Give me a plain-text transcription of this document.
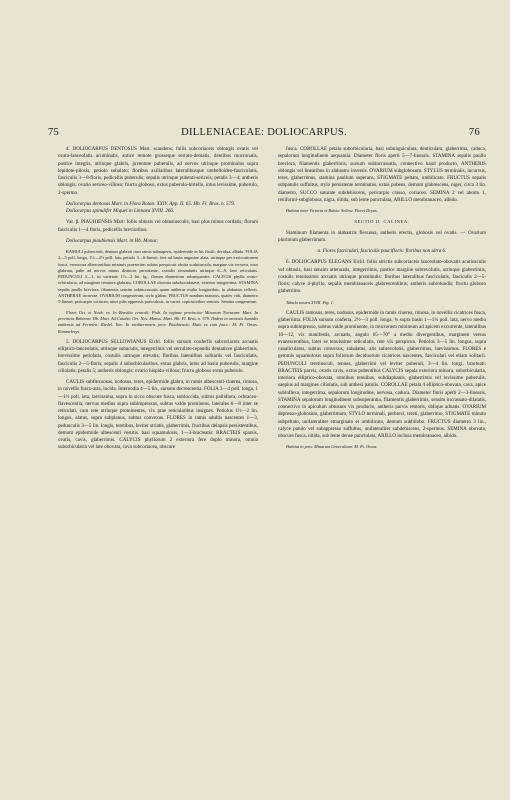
75	DILLENIACEAE: DOLIOCARPUS.	76

4. DOLIOCARPUS DENTOSUS Mart. scandens; foliis subcoriaceis oblongis ovatis vel ovato-lanceolatis acuminatis, antice remote grosseque serrato-dentatis, dentibus mucronatis, postice integris, utrinque glabris, juventute puberulis, ad nervos utrinque prominulos supra lepidote-pilosis, petiolo subalato; floribus axillaribus lateralibusque umbelloideo-fasciculatis, fasciculis 3—8-floris, pedicellis puberulis; sepalis utrinque pubenti-sericeis; petalis 3—4; antheris oblongis; ovario sericeo-villoso; fructu globoso, extus puberulo-hirtello, intus levissime, puberulo, 2-spermo.

Doliocarpus dentosus Mart. in Flora Botan. XXIV. App. II. 65. Hb. Fl. Bras. n. 579.

Doliocarpus spinulifer Miquel in Linnaea XVIII. 266.

Var. β. PIAUHIENSIS Mart: foliis obtusis vel obtusiusculis, basi plus minus cordatis; florum fasciculis 1—4 floris, pedicellis brevioribus.

Doliocarpus piauhiensis Mart. in Hb. Monac.

RAMULI pubescenti, demum glabrati cum ramis subnuperis, epidermide in his fissili, decidua, albida. FOLIA 2—5 poll. longa, 1½—2½ poll. lata, petiolo 3—6-lineari, fere ad basin angustae alata, utrinque per exsiccationem fusca, verrucosa albescentibus minimis praesertim subtus perspicuis obsita scabriuscula, margine vix recurva, mox glabrata, pube ad nervos minus distincte persistente, costulis secundariis utrinque 6—9, laxe reticulatis. PEDUNCULI 3—1, in varietate 1½—2 lin. lg., florum diametrum subaequantes. CALYCIS phylla ovato-orbicularia, ad margines tenuiora glabrata, COROLLAE obovata subobcordatave, exterius integerrima. STAMINA sepalis paullo breviora, filamentis sensim subincrassatis quam antherae multo longioribus, in alabastro reflexis. ANTHERAE incurvae. OVARIUM congesterum, stylo glabro. FRUCTUS nondum maturus, quales vidi, diametro 5-lineari, pericarpio coriaceo, intus pilis appressis puriculosis, in variet. copiosioribus venosis. Semina congenerum.

Floret Oct. et Novb. ex. In Brasilia centrali: Piah. In regione provinciae Minarum Novarum: Mart. In provincia Bahiensi. Hb. Mart. Ad Cuiabá: Ort. Nov. Manso. Mart. Hb. Fl. Bras. n. 579. Ibidem in arenosis humidis umbrosis ad Ferreira: Riedel. Var.: In mediterraneis prov. Piauhiensis: Maio ex cum fruct.: M. Pt. Orcas. Rommelreys.

5. DOLIOCARPUS SELLOWIANUS Eichl. foliis sursum conferfis subcoriaceis arcuatis elliptico-lanceolatis, utrinque subacutis, integerrimis vel serrulato-repandis dentatisve glaberrimis, brevissime petiolatis, costulis utrinque elevatis; floribus lateralibus solitariis vel fasciculatis, fasciculis 2—5-floris; sepalis 4 suborbicularibus, extus glabris, intus ad basin puberulis, margine ciliolatis; petalis 5; antheris oblongis; ovario hispido-villoso; fructu globoso extus puberulo.

CAULIS subflexuosus, nodosus, teres, epidermide glabra, in ramis albescenti-cinerea, rimosa, in novellis fusco-atra, lucida. Internodia 4—5 lin., sursum decrescentia. FOLIA 3—4 poll. longa, 1—1½ poll. lata, laevissima, supra in sicco obscure fusca, subluccida, subtus pallidiora, ochraceo-flavescentia; nervus medius supra subimpressus, subtus valde prominens, laterales 6—8 inter se reticulati, cum rete utrinque prominentes, vix prae reticularibus insignes. Petiolus 1½—2 lin. longus, alatus, supra subplanus, subtus convexus. FLORES in ramis adultis nascentes 1—3, pedunculis 3—5 lin. longis, teretibus, leviter striatis, glaberrimis, fructibus delapsis persistentibus, demum epidermide albescenti vestitis. basi squamulosis, 1—3-bracteatis: BRACTEIS sparsis, ovatis, cavis, glaberrimis. CALYCIS phyllorum 2 exteriora fere duplo minora, omnia suborbicularia vel late obovata, cava subcoriacea, obscure

fusca. COROLLAE petala suborbicularia, basi subunguiculata, denticulata, glaberrima, caduca, sepalorum longitudinem aequantia. Diameter floris aperti 5—7-linearis. STAMINA sepalis paullo breviora, filamentis glaberrimis, sursum subincrassatis, connectivo haud producto, ANTHERIS oblongis vel linearibus in alabastro inversis. OVARIUM subglobosum. STYLUS terminalis, incurvus, teres, glaberrimus, stamina paullum superans, STIGMATE peltato, umbilicato. FRUCTUS sepalis subpatulis suffultus, stylo persistente terminatus, extus pubens, demum glabrescens, niger, circa 3 lin. diametro, SUCCO saturate subdehiscens, pericarpio crasso, coriaceo. SEMINA 2 vel abortu 1, reniformi-subglobosa, nigra, nitida, sub lente punctulata, ARILLO membranaceo, albido.

Habitat inter Victoria et Bahia: Sellow. Floret Dryas.

SECTIO II. CALINEA.

Staminum filamenta in alabastris flexuosa, antheris erectis, globosis vel ovatis. — Ovarium plurimum glaberrimum.

a. Flores fasciculati, fasciculis paucifloris: floribus non ultra 6.

6. DOLIOCARPUS ELEGANS Eichl. foliis strictis subcoriaceis lanceolato-obovatis acutiusculis vel obtusis, basi sensim attenuatis, integerrimis, postice margine subrevolutis, utrinque glaberrimis, costulis tenuissimis arcuatis utrinque prominulis: floribus lateralibus fasciculatis, fasciculis 2—5-floris; calyce 4-phyllo, sepalis membranaceis glabrescentibus; antheris subrotundis; fructu globoso glaberrimo.

Tabula nostra XVIII. Fig. 1.

CAULIS ramosus, teres, nodosus, epidermide in ramis cinerea, rimosa, in novellis cicatrices fusca, glaberrima. FOLIA sursum conferta, 2½—3 poll. longa, ¾ supra basin 1—1¼ poll. lata, nervo medio supra subimpresso, subtus valde prominente, in mucronem minimum ad apicem excurrente, lateralibus 10—12, vix manifestis, arcuatis, angulo 65—70° a medio divergentibus, marginem versus evanescentibus, inter se tenuissime reticulatis, rete vix perspicuo. Petiolus 3—5 lin. longus, supra canaliculatus, subtus convexus, subalatus, alis subrevolutis, glaberrimus, laevissimus. FLORES e gemmis squamulosis supra foliorum deciduorum cicatrices nascentes, fasciculati vel etiam solitarii. PEDUNCULI teretiusculi, tenues, glaberrimi vel leviter puberuli, 3—4 lin. longi, bracteati: BRACTEIS parvis, ovatis cavis, extus pubentibus CALYCIS sepala exteriora minora, suborbicularia, interiora elliptico-obovata, omnibus tenuibus, subdiaphanis, glaberrimis vel levissime puberulis, saepius ad margines ciliolatis, sub anthesi patulis. COROLLAE petala 4 elliptico-obovata, cava, apice subinflexa, integerrima, sepalorum longitudine, nervosa, caduca. Diameter floris aperti 2—3-linearis. STAMINA sepalorum longitudinem subsuperantia, filamentis glaberrimis, sensim incrassato-dilatatis, connectivo in apiculum obtusum vix producto, antheris parvis remotis, oblique adnatis. OVARIUM depresso-globosum, glaberrimum, STYLO terminali, perbrevi, tereti, glaberrimo, STIGMATE minuto subpeltato, unilateraliter emarginato et umbilicato, demum subbilobo. FRUCTUS diametro 3 lin., calyce patulo vel subappresso suffultus, unilateraliter subdehiscens, 2-spermus. SEMINA obovata, obscure fusca, nitida, sub lente dense punctulata, ARILLO inclusa membranaceo, albido.

Habitat in prov. Minarum Generalium: M. Pt. Orcas.
